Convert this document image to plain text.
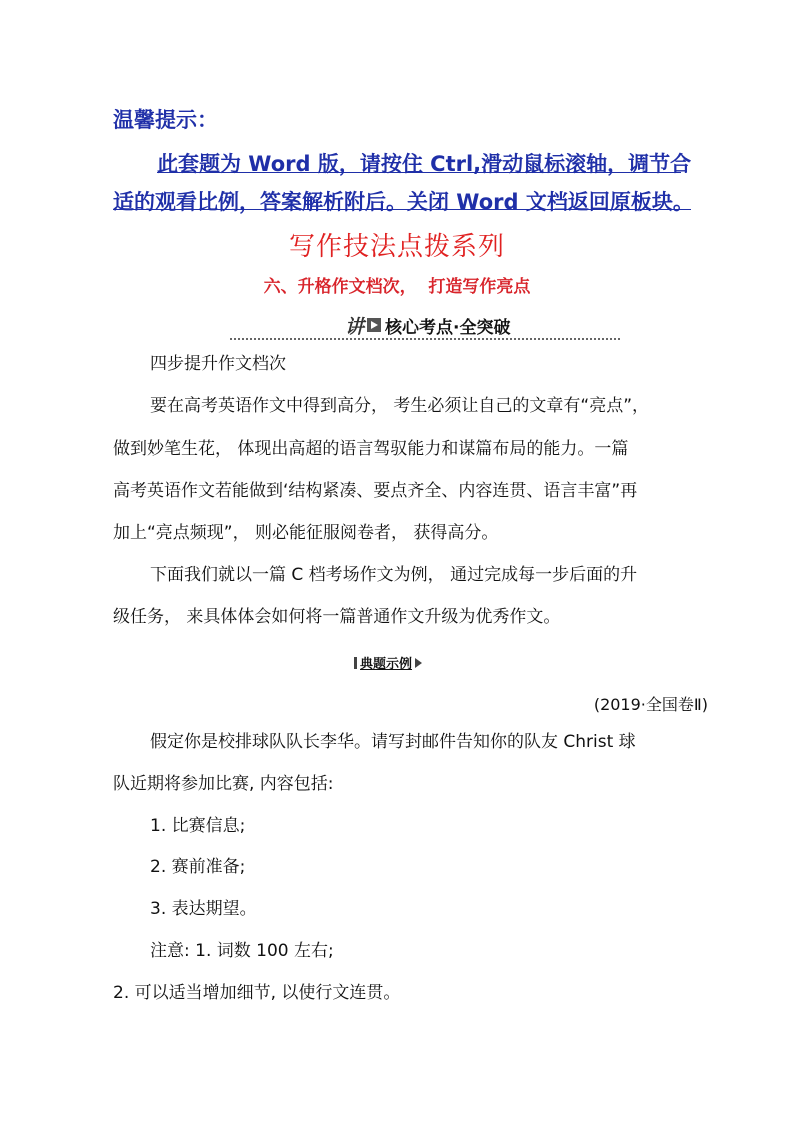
温馨提示：
此套题为 Word 版，请按住 Ctrl,滑动鼠标滚轴，调节合
适的观看比例，答案解析附后。关闭 Word 文档返回原板块。
写作技法点拨系列
六、升格作文档次，  打造写作亮点
讲 核心考点·全突破
四步提升作文档次
要在高考英语作文中得到高分， 考生必须让自己的文章有“亮点”，
做到妙笔生花， 体现出高超的语言驾驭能力和谋篇布局的能力。一篇
高考英语作文若能做到‘结构紧凑、要点齐全、内容连贯、语言丰富”再
加上“亮点频现”， 则必能征服阅卷者， 获得高分。
下面我们就以一篇 C 档考场作文为例， 通过完成每一步后面的升
级任务， 来具体体会如何将一篇普通作文升级为优秀作文。
典题示例
(2019·全国卷Ⅱ)
假定你是校排球队队长李华。请写封邮件告知你的队友 Christ 球
队近期将参加比赛, 内容包括:
1. 比赛信息;
2. 赛前准备;
3. 表达期望。
注意: 1. 词数 100 左右;
2. 可以适当增加细节, 以使行文连贯。
